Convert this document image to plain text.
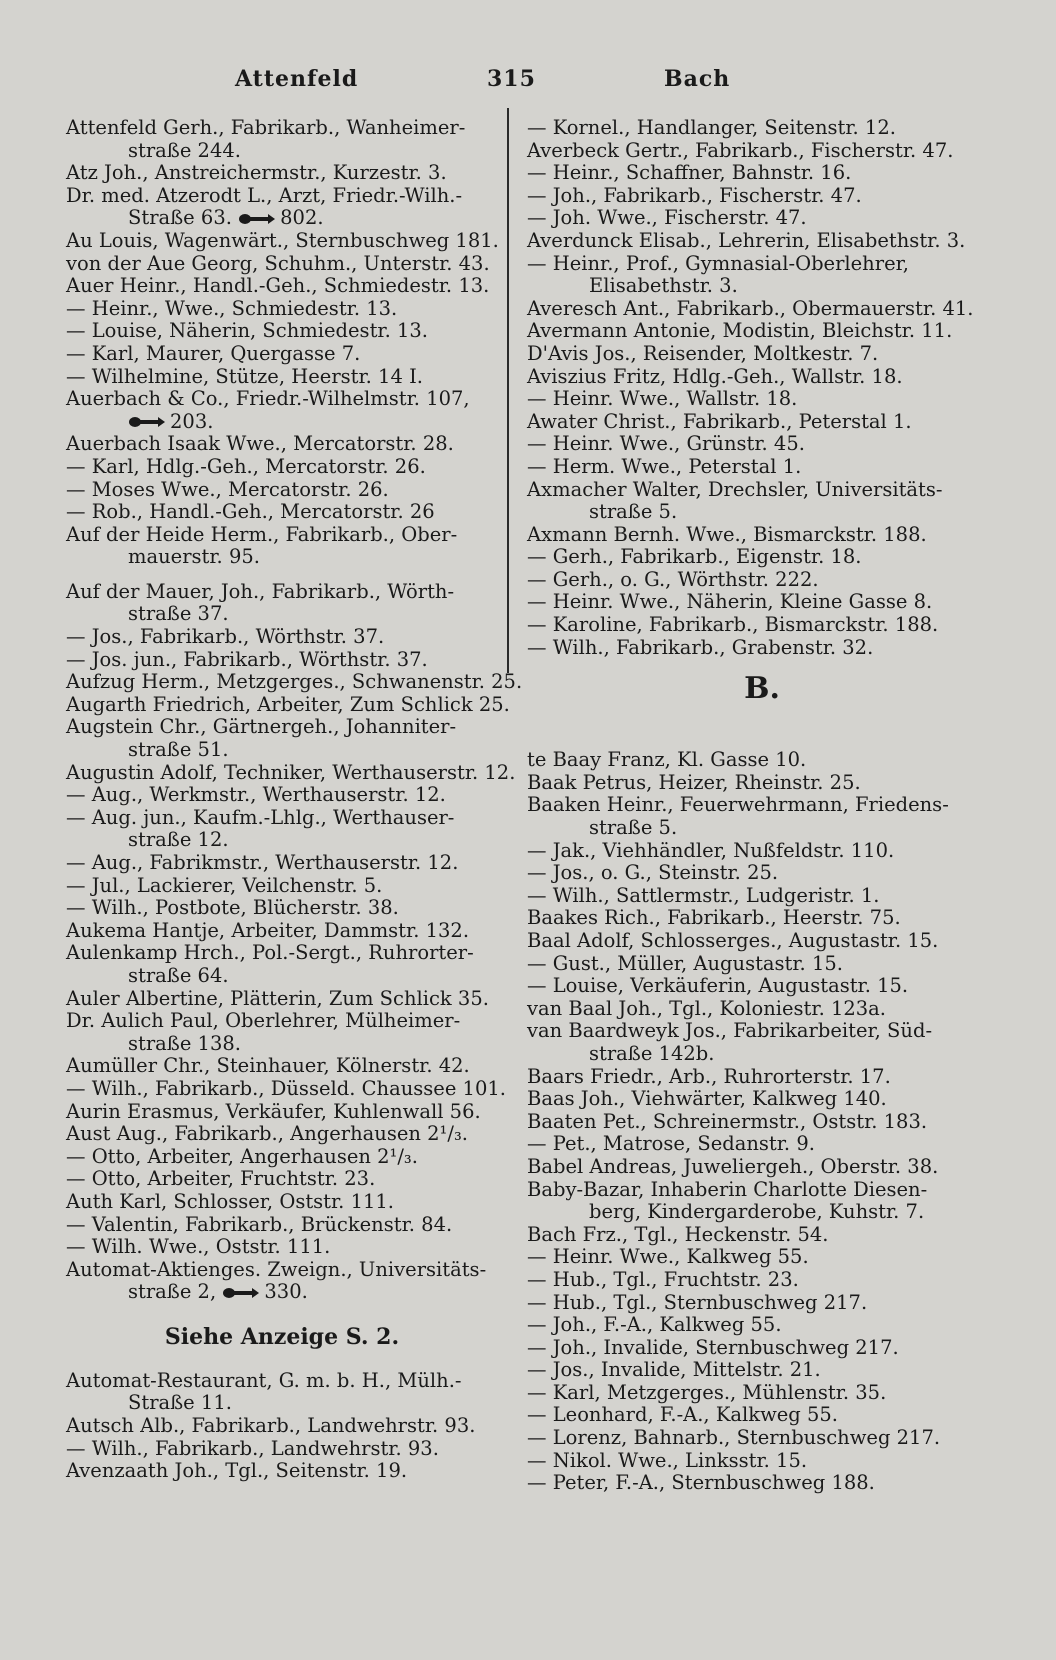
Attenfeld	315	Bach
Attenfeld Gerh., Fabrikarb., Wanheimer-
straße 244.
Atz Joh., Anstreichermstr., Kurzestr. 3.
Dr. med. Atzerodt L., Arzt, Friedr.-Wilh.-
Straße 63. 802.
Au Louis, Wagenwärt., Sternbuschweg 181.
von der Aue Georg, Schuhm., Unterstr. 43.
Auer Heinr., Handl.-Geh., Schmiedestr. 13.
— Heinr., Wwe., Schmiedestr. 13.
— Louise, Näherin, Schmiedestr. 13.
— Karl, Maurer, Quergasse 7.
— Wilhelmine, Stütze, Heerstr. 14 I.
Auerbach & Co., Friedr.-Wilhelmstr. 107,
203.
Auerbach Isaak Wwe., Mercatorstr. 28.
— Karl, Hdlg.-Geh., Mercatorstr. 26.
— Moses Wwe., Mercatorstr. 26.
— Rob., Handl.-Geh., Mercatorstr. 26
Auf der Heide Herm., Fabrikarb., Ober-
mauerstr. 95.
Auf der Mauer, Joh., Fabrikarb., Wörth-
straße 37.
— Jos., Fabrikarb., Wörthstr. 37.
— Jos. jun., Fabrikarb., Wörthstr. 37.
Aufzug Herm., Metzgerges., Schwanenstr. 25.
Augarth Friedrich, Arbeiter, Zum Schlick 25.
Augstein Chr., Gärtnergeh., Johanniter-
straße 51.
Augustin Adolf, Techniker, Werthauserstr. 12.
— Aug., Werkmstr., Werthauserstr. 12.
— Aug. jun., Kaufm.-Lhlg., Werthauser-
straße 12.
— Aug., Fabrikmstr., Werthauserstr. 12.
— Jul., Lackierer, Veilchenstr. 5.
— Wilh., Postbote, Blücherstr. 38.
Aukema Hantje, Arbeiter, Dammstr. 132.
Aulenkamp Hrch., Pol.-Sergt., Ruhrorter-
straße 64.
Auler Albertine, Plätterin, Zum Schlick 35.
Dr. Aulich Paul, Oberlehrer, Mülheimer-
straße 138.
Aumüller Chr., Steinhauer, Kölnerstr. 42.
— Wilh., Fabrikarb., Düsseld. Chaussee 101.
Aurin Erasmus, Verkäufer, Kuhlenwall 56.
Aust Aug., Fabrikarb., Angerhausen 2¹/₃.
— Otto, Arbeiter, Angerhausen 2¹/₃.
— Otto, Arbeiter, Fruchtstr. 23.
Auth Karl, Schlosser, Oststr. 111.
— Valentin, Fabrikarb., Brückenstr. 84.
— Wilh. Wwe., Oststr. 111.
Automat-Aktienges. Zweign., Universitäts-
straße 2, 330.
Siehe Anzeige S. 2.
Automat-Restaurant, G. m. b. H., Mülh.-
Straße 11.
Autsch Alb., Fabrikarb., Landwehrstr. 93.
— Wilh., Fabrikarb., Landwehrstr. 93.
Avenzaath Joh., Tgl., Seitenstr. 19.
— Kornel., Handlanger, Seitenstr. 12.
Averbeck Gertr., Fabrikarb., Fischerstr. 47.
— Heinr., Schaffner, Bahnstr. 16.
— Joh., Fabrikarb., Fischerstr. 47.
— Joh. Wwe., Fischerstr. 47.
Averdunck Elisab., Lehrerin, Elisabethstr. 3.
— Heinr., Prof., Gymnasial-Oberlehrer,
Elisabethstr. 3.
Averesch Ant., Fabrikarb., Obermauerstr. 41.
Avermann Antonie, Modistin, Bleichstr. 11.
D'Avis Jos., Reisender, Moltkestr. 7.
Aviszius Fritz, Hdlg.-Geh., Wallstr. 18.
— Heinr. Wwe., Wallstr. 18.
Awater Christ., Fabrikarb., Peterstal 1.
— Heinr. Wwe., Grünstr. 45.
— Herm. Wwe., Peterstal 1.
Axmacher Walter, Drechsler, Universitäts-
straße 5.
Axmann Bernh. Wwe., Bismarckstr. 188.
— Gerh., Fabrikarb., Eigenstr. 18.
— Gerh., o. G., Wörthstr. 222.
— Heinr. Wwe., Näherin, Kleine Gasse 8.
— Karoline, Fabrikarb., Bismarckstr. 188.
— Wilh., Fabrikarb., Grabenstr. 32.
B.
te Baay Franz, Kl. Gasse 10.
Baak Petrus, Heizer, Rheinstr. 25.
Baaken Heinr., Feuerwehrmann, Friedens-
straße 5.
— Jak., Viehhändler, Nußfeldstr. 110.
— Jos., o. G., Steinstr. 25.
— Wilh., Sattlermstr., Ludgeristr. 1.
Baakes Rich., Fabrikarb., Heerstr. 75.
Baal Adolf, Schlosserges., Augustastr. 15.
— Gust., Müller, Augustastr. 15.
— Louise, Verkäuferin, Augustastr. 15.
van Baal Joh., Tgl., Koloniestr. 123a.
van Baardweyk Jos., Fabrikarbeiter, Süd-
straße 142b.
Baars Friedr., Arb., Ruhrorterstr. 17.
Baas Joh., Viehwärter, Kalkweg 140.
Baaten Pet., Schreinermstr., Oststr. 183.
— Pet., Matrose, Sedanstr. 9.
Babel Andreas, Juweliergeh., Oberstr. 38.
Baby-Bazar, Inhaberin Charlotte Diesen-
berg, Kindergarderobe, Kuhstr. 7.
Bach Frz., Tgl., Heckenstr. 54.
— Heinr. Wwe., Kalkweg 55.
— Hub., Tgl., Fruchtstr. 23.
— Hub., Tgl., Sternbuschweg 217.
— Joh., F.-A., Kalkweg 55.
— Joh., Invalide, Sternbuschweg 217.
— Jos., Invalide, Mittelstr. 21.
— Karl, Metzgerges., Mühlenstr. 35.
— Leonhard, F.-A., Kalkweg 55.
— Lorenz, Bahnarb., Sternbuschweg 217.
— Nikol. Wwe., Linksstr. 15.
— Peter, F.-A., Sternbuschweg 188.
